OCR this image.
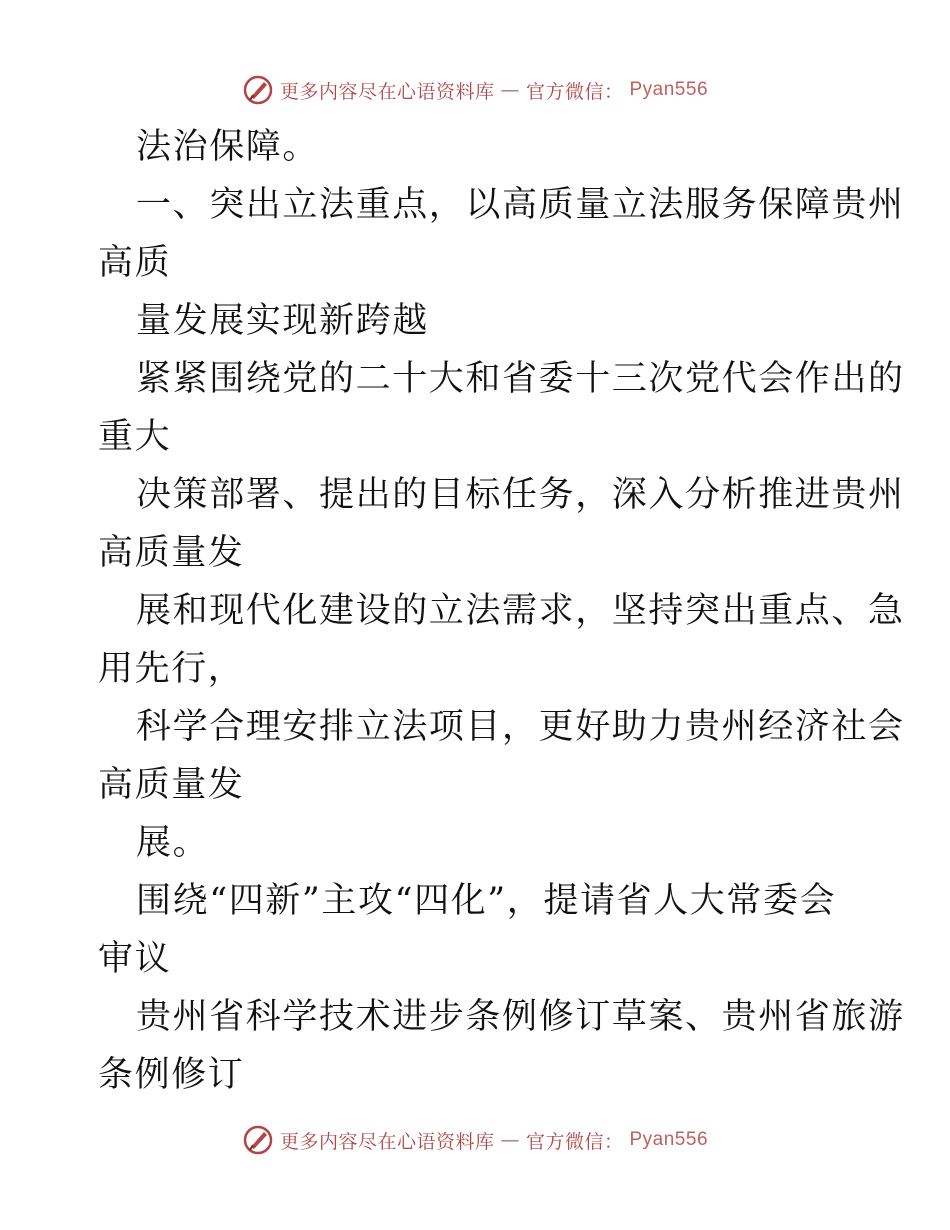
更多内容尽在心语资料库 — 官方微信： Pyan556
法治保障。
一、突出立法重点，以高质量立法服务保障贵州
高质
量发展实现新跨越
紧紧围绕党的二十大和省委十三次党代会作出的
重大
决策部署、提出的目标任务，深入分析推进贵州
高质量发
展和现代化建设的立法需求，坚持突出重点、急
用先行，
科学合理安排立法项目，更好助力贵州经济社会
高质量发
展。
围绕“四新”主攻“四化”，提请省人大常委会
审议
贵州省科学技术进步条例修订草案、贵州省旅游
条例修订
更多内容尽在心语资料库 — 官方微信： Pyan556
